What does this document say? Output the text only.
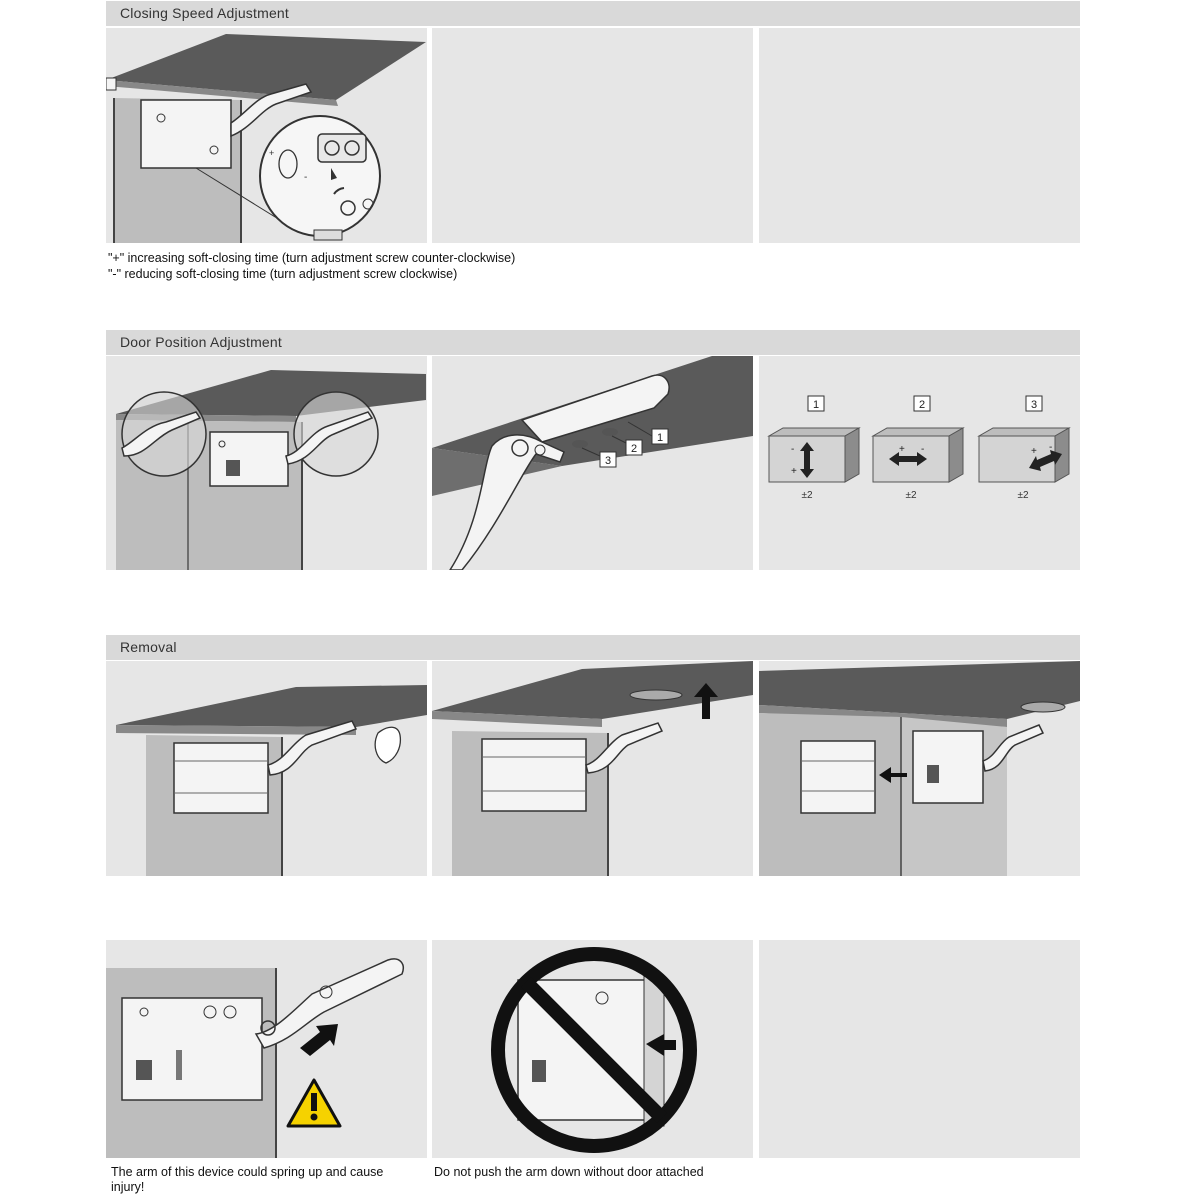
Closing Speed Adjustment
+
-
"+" increasing soft-closing time (turn adjustment screw counter-clockwise)
"-" reducing soft-closing time (turn adjustment screw clockwise)
Door Position Adjustment
1
2
3
1
-
+
±2
2
+ -
±2
3
+ -
±2
Removal
The arm of this device could spring up and cause injury!
Do not push the arm down without door attached
